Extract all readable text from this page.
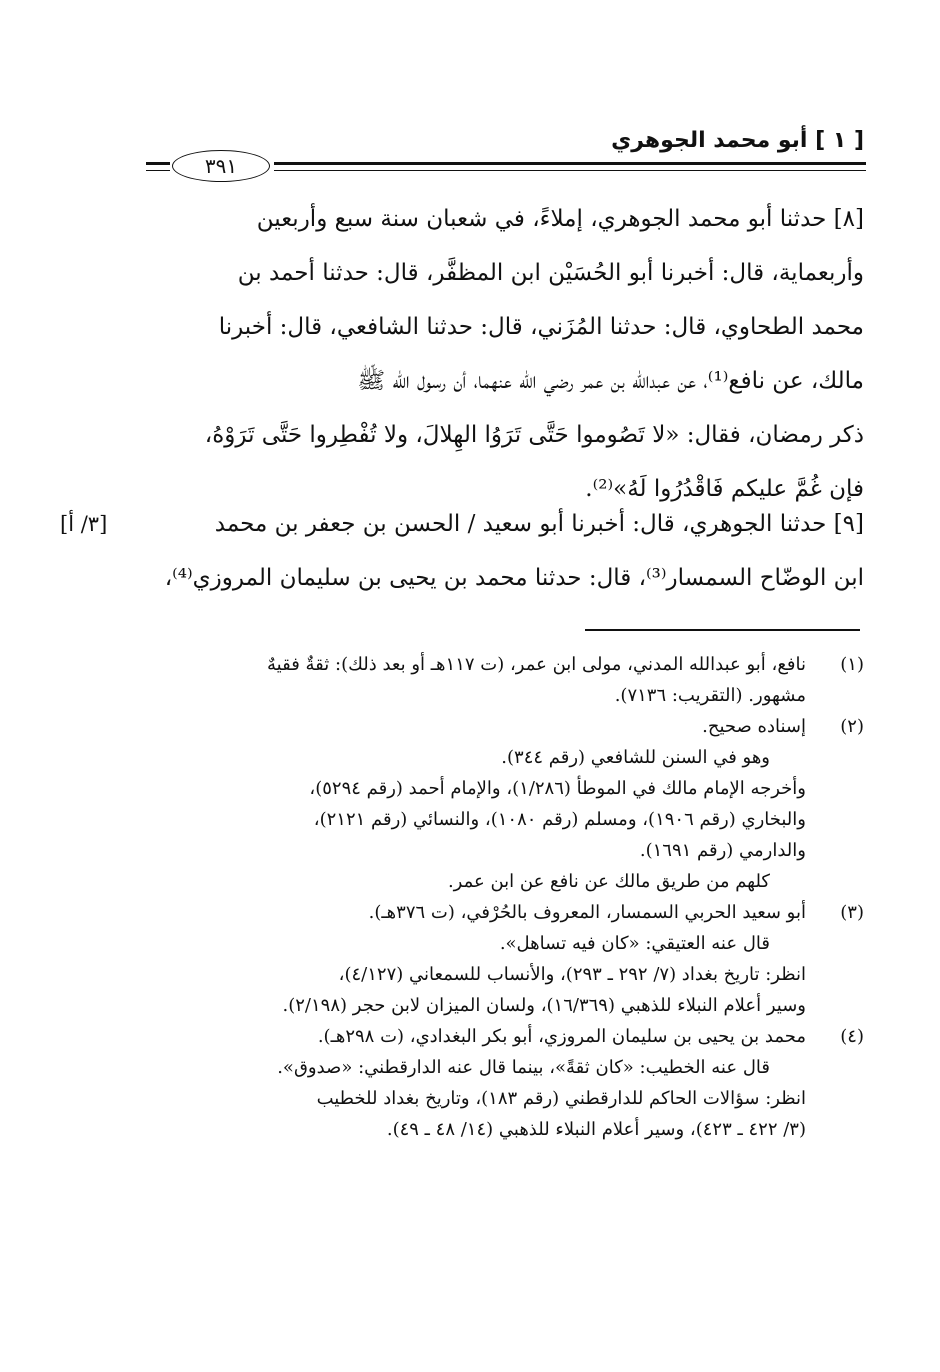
[ ١ ] أبو محمد الجوهري
٣٩١
[٨] حدثنا أبو محمد الجوهري، إملاءً، في شعبان سنة سبع وأربعين
وأربعماية، قال: أخبرنا أبو الحُسَيْن ابن المظفَّر، قال: حدثنا أحمد بن
محمد الطحاوي، قال: حدثنا المُزَني، قال: حدثنا الشافعي، قال: أخبرنا
مالك، عن نافع⁽¹⁾، عن عبدالله بن عمر رضي الله عنهما، أن رسول الله ﷺ
ذكر رمضان، فقال: «لا تَصُوموا حَتَّى تَرَوُا الهِلالَ، ولا تُفْطِروا حَتَّى تَرَوْهُ،
فإن غُمَّ عليكم فَاقْدُرُوا لَهُ»⁽²⁾.
[٩] حدثنا الجوهري، قال: أخبرنا أبو سعيد / الحسن بن جعفر بن محمد
ابن الوضّاح السمسار⁽³⁾، قال: حدثنا محمد بن يحيى بن سليمان المروزي⁽⁴⁾،
[٣/ أ]
(١)نافع، أبو عبدالله المدني، مولى ابن عمر، (ت ١١٧هـ أو بعد ذلك): ثقةٌ فقيهٌ
مشهور. (التقريب: ٧١٣٦).
(٢)إسناده صحيح.
وهو في السنن للشافعي (رقم ٣٤٤).
وأخرجه الإمام مالك في الموطأ (١/٢٨٦)، والإمام أحمد (رقم ٥٢٩٤)،
والبخاري (رقم ١٩٠٦)، ومسلم (رقم ١٠٨٠)، والنسائي (رقم ٢١٢١)،
والدارمي (رقم ١٦٩١).
كلهم من طريق مالك عن نافع عن ابن عمر.
(٣)أبو سعيد الحربي السمسار، المعروف بالحُرْفي، (ت ٣٧٦هـ).
قال عنه العتيقي: «كان فيه تساهل».
انظر: تاريخ بغداد (٧/ ٢٩٢ ـ ٢٩٣)، والأنساب للسمعاني (٤/١٢٧)،
وسير أعلام النبلاء للذهبي (١٦/٣٦٩)، ولسان الميزان لابن حجر (٢/١٩٨).
(٤)محمد بن يحيى بن سليمان المروزي، أبو بكر البغدادي، (ت ٢٩٨هـ).
قال عنه الخطيب: «كان ثقةً»، بينما قال عنه الدارقطني: «صدوق».
انظر: سؤالات الحاكم للدارقطني (رقم ١٨٣)، وتاريخ بغداد للخطيب
(٣/ ٤٢٢ ـ ٤٢٣)، وسير أعلام النبلاء للذهبي (١٤/ ٤٨ ـ ٤٩).
